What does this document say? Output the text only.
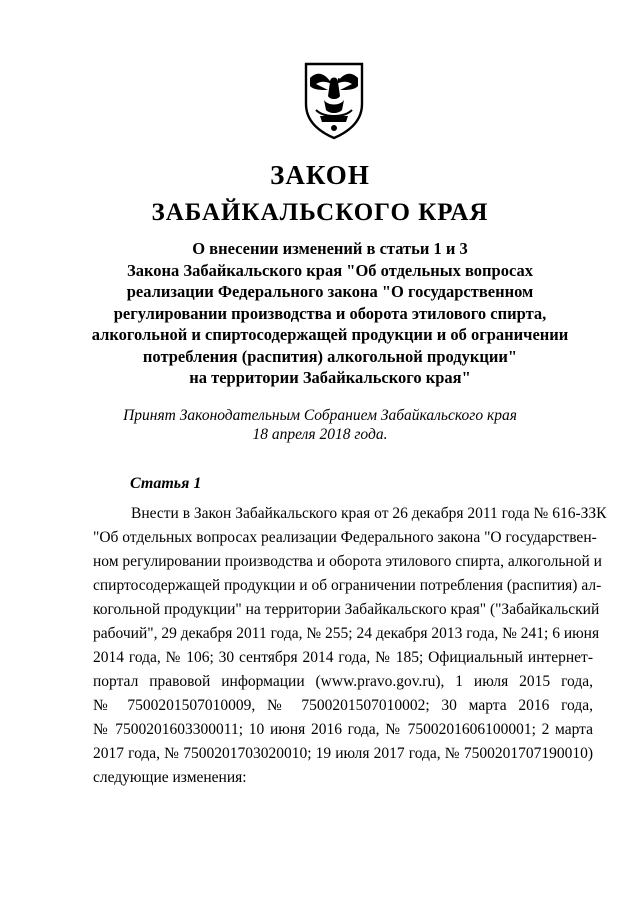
ЗАКОН
ЗАБАЙКАЛЬСКОГО КРАЯ
О внесении изменений в статьи 1 и 3
Закона Забайкальского края "Об отдельных вопросах
реализации Федерального закона "О государственном
регулировании производства и оборота этилового спирта,
алкогольной и спиртосодержащей продукции и об ограничении
потребления (распития) алкогольной продукции"
на территории Забайкальского края"
Принят Законодательным Собранием Забайкальского края
18 апреля 2018 года.
Статья 1
Внести в Закон Забайкальского края от 26 декабря 2011 года № 616-ЗЗК
"Об отдельных вопросах реализации Федерального закона "О государствен-
ном регулировании производства и оборота этилового спирта, алкогольной и
спиртосодержащей продукции и об ограничении потребления (распития) ал-
когольной продукции" на территории Забайкальского края" ("Забайкальский
рабочий", 29 декабря 2011 года, № 255; 24 декабря 2013 года, № 241; 6 июня
2014 года, № 106; 30 сентября 2014 года, № 185; Официальный интернет-
портал правовой информации (www.pravo.gov.ru), 1 июля 2015 года,
№ 7500201507010009, № 7500201507010002; 30 марта 2016 года,
№ 7500201603300011; 10 июня 2016 года, № 7500201606100001; 2 марта
2017 года, № 7500201703020010; 19 июля 2017 года, № 7500201707190010)
следующие изменения:
